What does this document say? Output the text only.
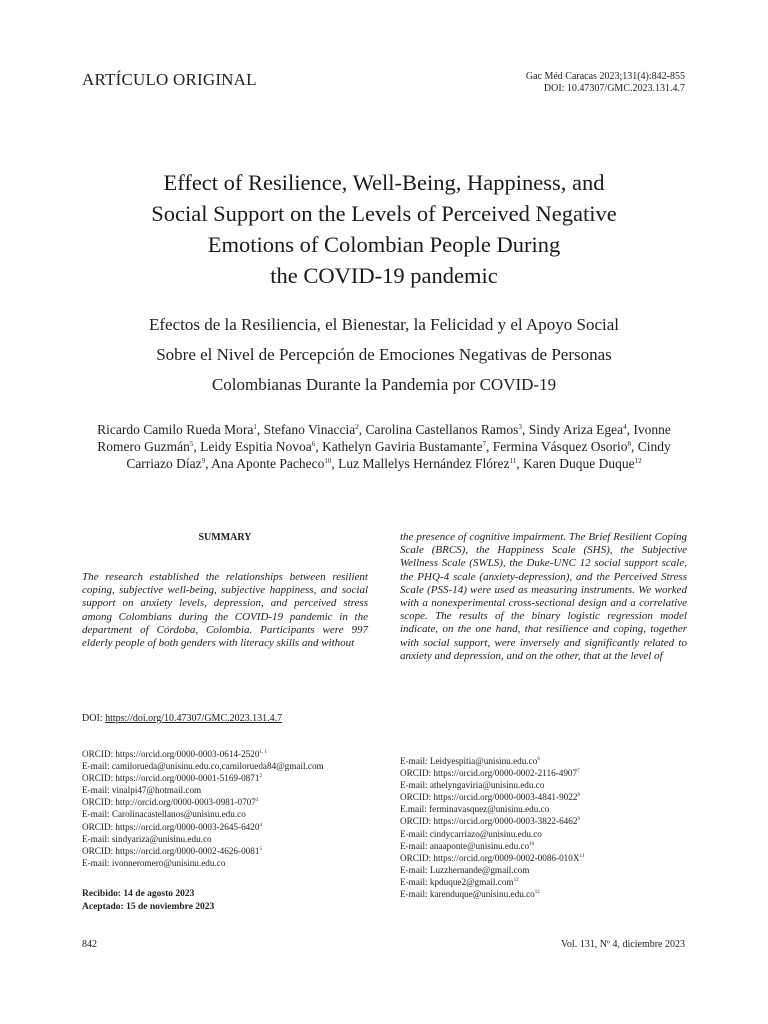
ARTÍCULO ORIGINAL	Gac Méd Caracas 2023;131(4):842-855
DOI: 10.47307/GMC.2023.131.4.7
Effect of Resilience, Well-Being, Happiness, and
Social Support on the Levels of Perceived Negative
Emotions of Colombian People During
the COVID-19 pandemic
Efectos de la Resiliencia, el Bienestar, la Felicidad y el Apoyo Social
Sobre el Nivel de Percepción de Emociones Negativas de Personas
Colombianas Durante la Pandemia por COVID-19
Ricardo Camilo Rueda Mora$^1$, Stefano Vinaccia$^2$, Carolina Castellanos Ramos$^3$, Sindy Ariza Egea$^4$, Ivonne Romero Guzmán$^5$, Leidy Espitia Novoa$^6$, Kathelyn Gaviria Bustamante$^7$, Fermina Vásquez Osorio$^8$, Cindy Carriazo Díaz$^9$, Ana Aponte Pacheco$^{10}$, Luz Mallelys Hernández Flórez$^{11}$, Karen Duque Duque$^{12}$
SUMMARY
The research established the relationships between resilient coping, subjective well-being, subjective happiness, and social support on anxiety levels, depression, and perceived stress among Colombians during the COVID-19 pandemic in the department of Córdoba, Colombia. Participants were 997 elderly people of both genders with literacy skills and without
the presence of cognitive impairment. The Brief Resilient Coping Scale (BRCS), the Happiness Scale (SHS), the Subjective Wellness Scale (SWLS), the Duke-UNC 12 social support scale, the PHQ-4 scale (anxiety-depression), and the Perceived Stress Scale (PSS-14) were used as measuring instruments. We worked with a nonexperimental cross-sectional design and a correlative scope. The results of the binary logistic regression model indicate, on the one hand, that resilience and coping, together with social support, were inversely and significantly related to anxiety and depression, and on the other, that at the level of
DOI: https://doi.org/10.47307/GMC.2023.131.4.7
ORCID: https://orcid.org/0000-0003-0614-2520$^{1, 1}$
E-mail: camilorueda@unisinu.edu.co,camilorueda84@gmail.com
ORCID: https://orcid.org/0000-0001-5169-0871$^2$
E-mail: vinalpi47@hotmail.com
ORCID: http://orcid.org/0000-0003-0981-0707$^3$
E-mail: Carolinacastellanos@unisinu.edu.co
ORCID: https://orcid.org/0000-0003-2645-6420$^4$
E-mail: sindyariza@unisinu.edu.co
ORCID: https://orcid.org/0000-0002-4626-0081$^5$
E-mail: ivonneromero@unisinu.edu.co
E-mail: $Leidyespitia@unisinu.edu.co^6$
ORCID: https://orcid.org/0000-0002-2116-4907$^7$
E-mail: athelyngaviria@unisinu.edu.co
ORCID: https://orcid.org/0000-0003-4841-9022$^8$
E.mail: ferminavasquez@unisinu.edu.co
ORCID: https://orcid.org/0000-0003-3822-6462$^9$
E-mail: cindycarriazo@unisinu.edu.co
E-mail: $anaaponte@unisinu.edu.co^{10}$
ORCID: $https://orcid.org/0009-0002-0086-010X^{11}$
E-mail: Luzzhernande@gmail.com
E-mail: kpduque2@gmail.com$^{12}$
E-mail: $karenduque@unisinu.edu.co^{12}$
Recibido: 14 de agosto 2023
Aceptado: 15 de noviembre 2023
842	Vol. 131, Nº 4, diciembre 2023
